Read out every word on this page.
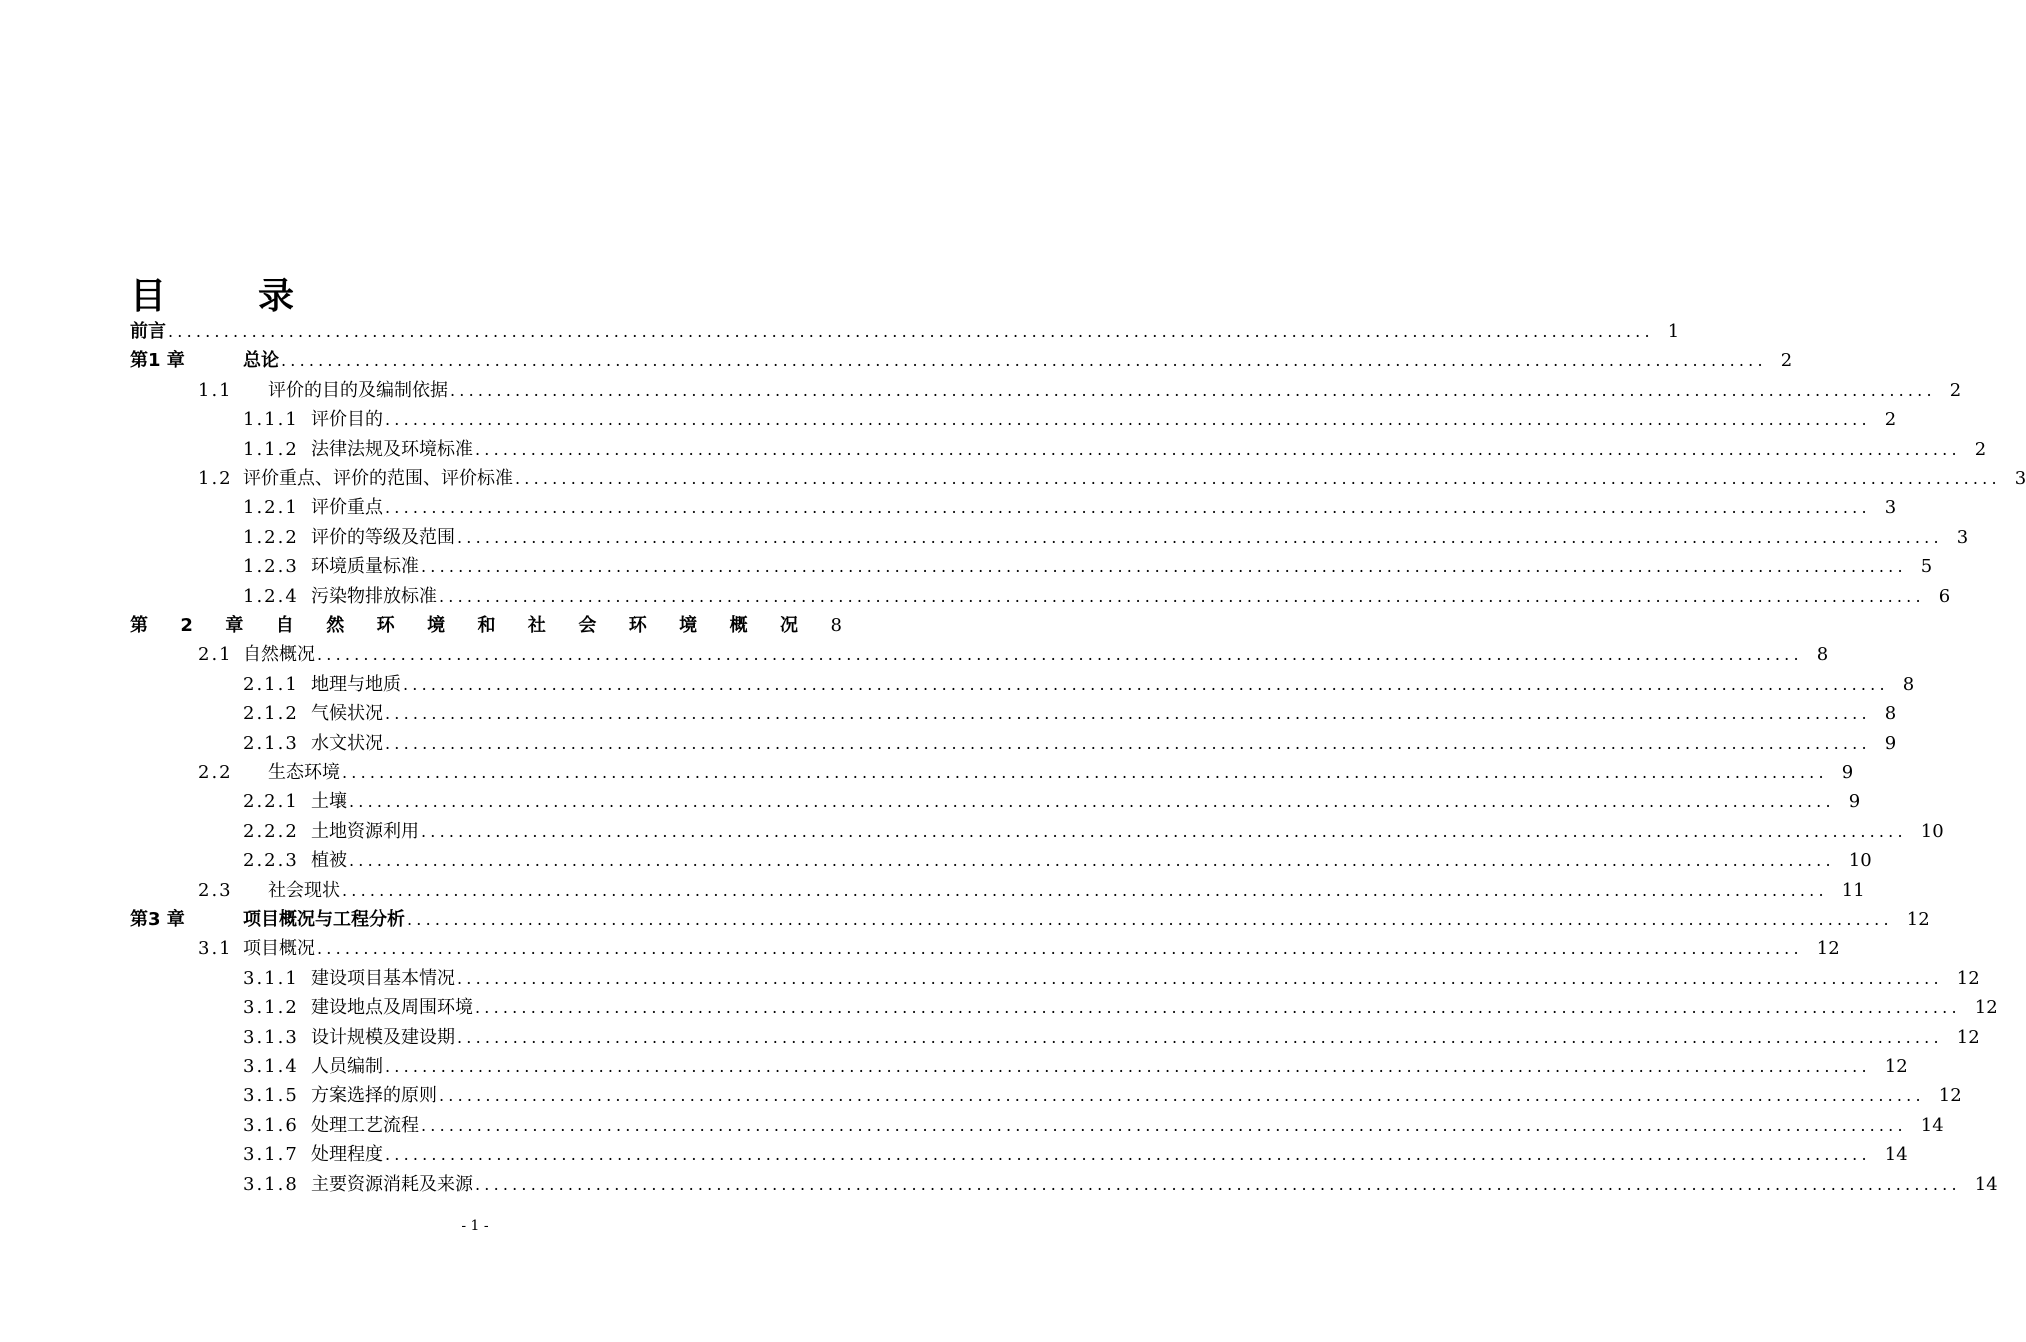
目	录
前言 ................................................................................................................................................................ 1
第1 章	总论 ................................................................................................................................................................ 2
1.1 评价的目的及编制依据 ................................................................................................................................................................ 2
1.1.1 评价目的 ................................................................................................................................................................ 2
1.1.2 法律法规及环境标准 ................................................................................................................................................................ 2
1.2 评价重点、评价的范围、评价标准 ................................................................................................................................................................ 3
1.2.1 评价重点 ................................................................................................................................................................ 3
1.2.2 评价的等级及范围 ................................................................................................................................................................ 3
1.2.3 环境质量标准 ................................................................................................................................................................ 5
1.2.4 污染物排放标准 ................................................................................................................................................................ 6
第 2 章 自 然 环 境 和 社 会 环 境 概 况 8
2.1 自然概况 ................................................................................................................................................................ 8
2.1.1 地理与地质 ................................................................................................................................................................ 8
2.1.2 气候状况 ................................................................................................................................................................ 8
2.1.3 水文状况 ................................................................................................................................................................ 9
2.2 生态环境 ................................................................................................................................................................ 9
2.2.1 土壤 ................................................................................................................................................................ 9
2.2.2 土地资源利用 ................................................................................................................................................................ 10
2.2.3 植被 ................................................................................................................................................................ 10
2.3 社会现状 ................................................................................................................................................................ 11
第3 章	项目概况与工程分析 ................................................................................................................................................................ 12
3.1 项目概况 ................................................................................................................................................................ 12
3.1.1 建设项目基本情况 ................................................................................................................................................................ 12
3.1.2 建设地点及周围环境 ................................................................................................................................................................ 12
3.1.3 设计规模及建设期 ................................................................................................................................................................ 12
3.1.4 人员编制 ................................................................................................................................................................ 12
3.1.5 方案选择的原则 ................................................................................................................................................................ 12
3.1.6 处理工艺流程 ................................................................................................................................................................ 14
3.1.7 处理程度 ................................................................................................................................................................ 14
3.1.8 主要资源消耗及来源 ................................................................................................................................................................ 14
- 1 -
